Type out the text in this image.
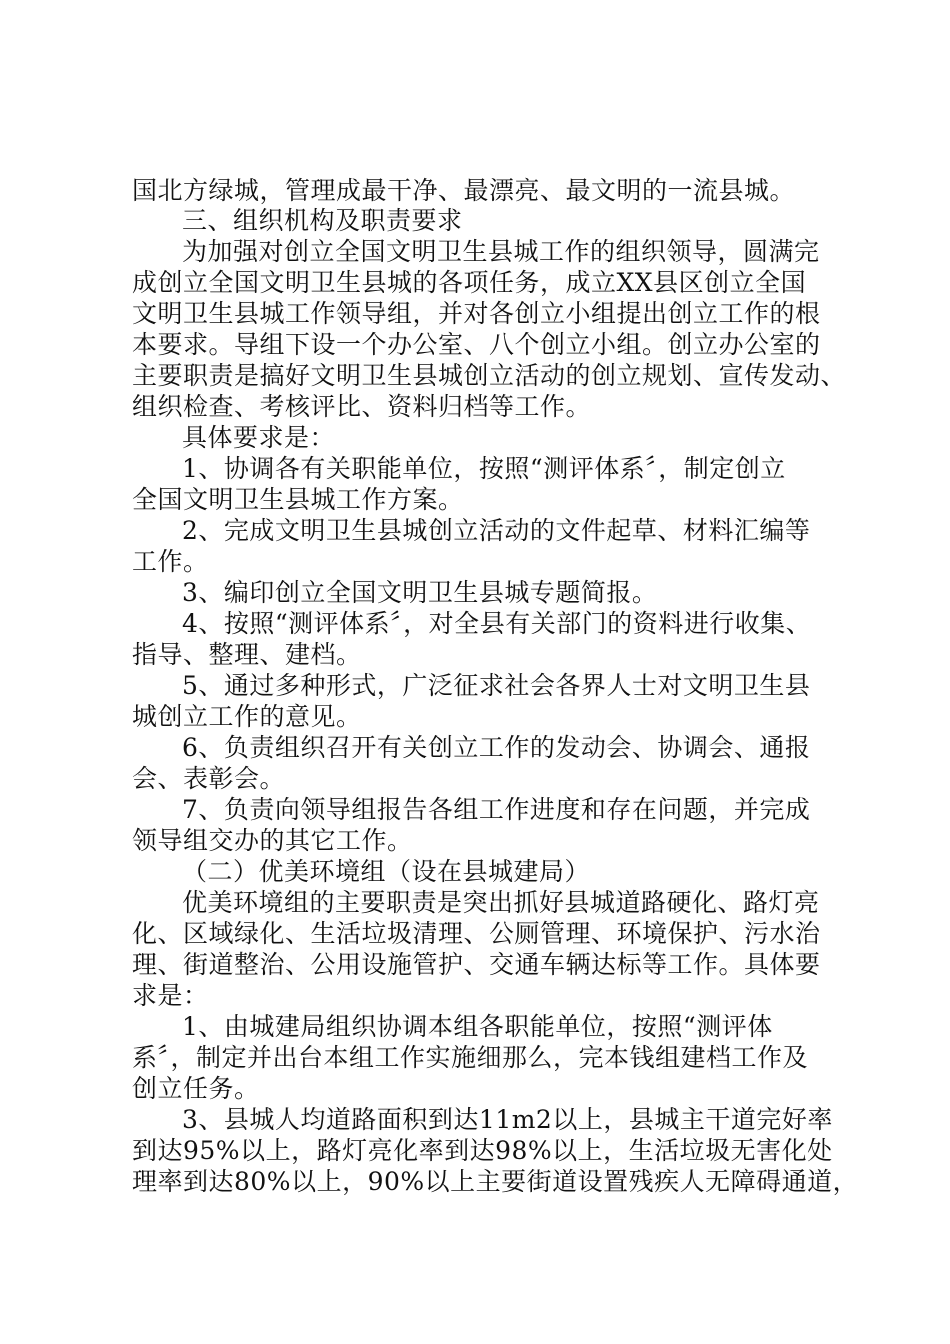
国北方绿城，管理成最干净、最漂亮、最文明的一流县城。
三、组织机构及职责要求
为加强对创立全国文明卫生县城工作的组织领导，圆满完
成创立全国文明卫生县城的各项任务，成立XX县区创立全国
文明卫生县城工作领导组，并对各创立小组提出创立工作的根
本要求。导组下设一个办公室、八个创立小组。创立办公室的
主要职责是搞好文明卫生县城创立活动的创立规划、宣传发动、
组织检查、考核评比、资料归档等工作。
具体要求是：
1、协调各有关职能单位，按照“测评体系〞，制定创立
全国文明卫生县城工作方案。
2、完成文明卫生县城创立活动的文件起草、材料汇编等
工作。
3、编印创立全国文明卫生县城专题简报。
4、按照“测评体系〞，对全县有关部门的资料进行收集、
指导、整理、建档。
5、通过多种形式，广泛征求社会各界人士对文明卫生县
城创立工作的意见。
6、负责组织召开有关创立工作的发动会、协调会、通报
会、表彰会。
7、负责向领导组报告各组工作进度和存在问题，并完成
领导组交办的其它工作。
（二）优美环境组（设在县城建局）
优美环境组的主要职责是突出抓好县城道路硬化、路灯亮
化、区域绿化、生活垃圾清理、公厕管理、环境保护、污水治
理、街道整治、公用设施管护、交通车辆达标等工作。具体要
求是：
1、由城建局组织协调本组各职能单位，按照“测评体
系〞，制定并出台本组工作实施细那么，完本钱组建档工作及
创立任务。
3、县城人均道路面积到达11m2以上，县城主干道完好率
到达95%以上，路灯亮化率到达98%以上，生活垃圾无害化处
理率到达80%以上，90%以上主要街道设置残疾人无障碍通道，
